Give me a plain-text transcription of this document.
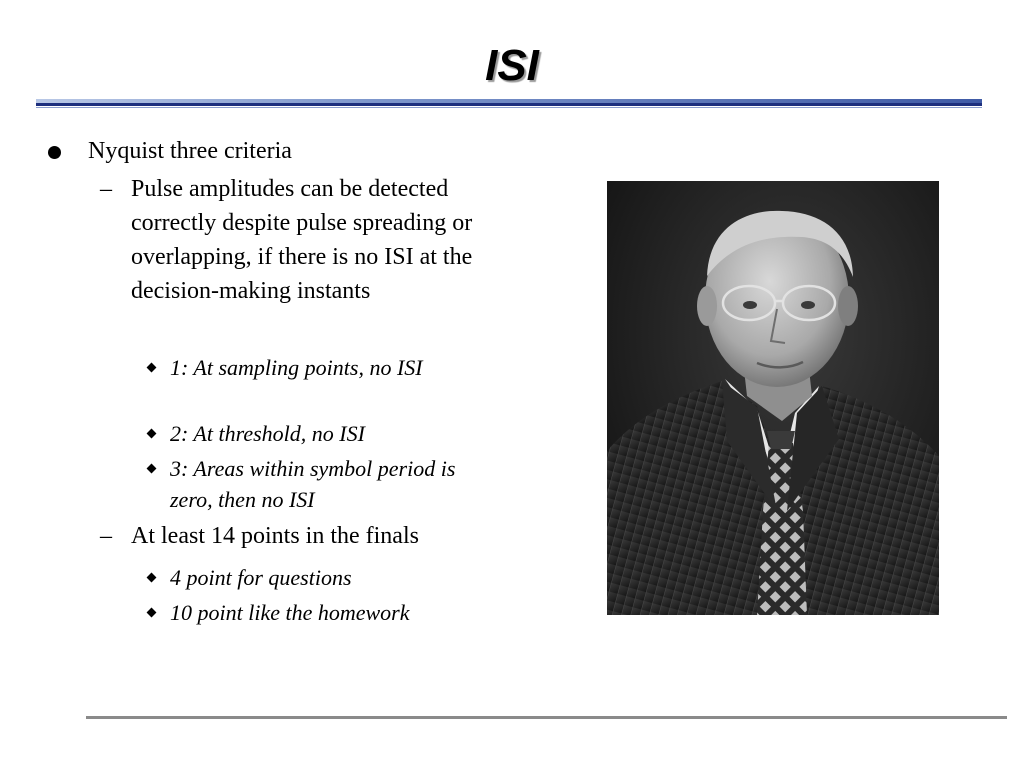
ISI
Nyquist three criteria
– Pulse amplitudes can be detected correctly despite pulse spreading or overlapping, if there is no ISI at the decision-making instants
1: At sampling points, no ISI
2: At threshold, no ISI
3: Areas within symbol period is zero, then no ISI
– At least 14 points in the finals
4 point for questions
10 point like the homework
